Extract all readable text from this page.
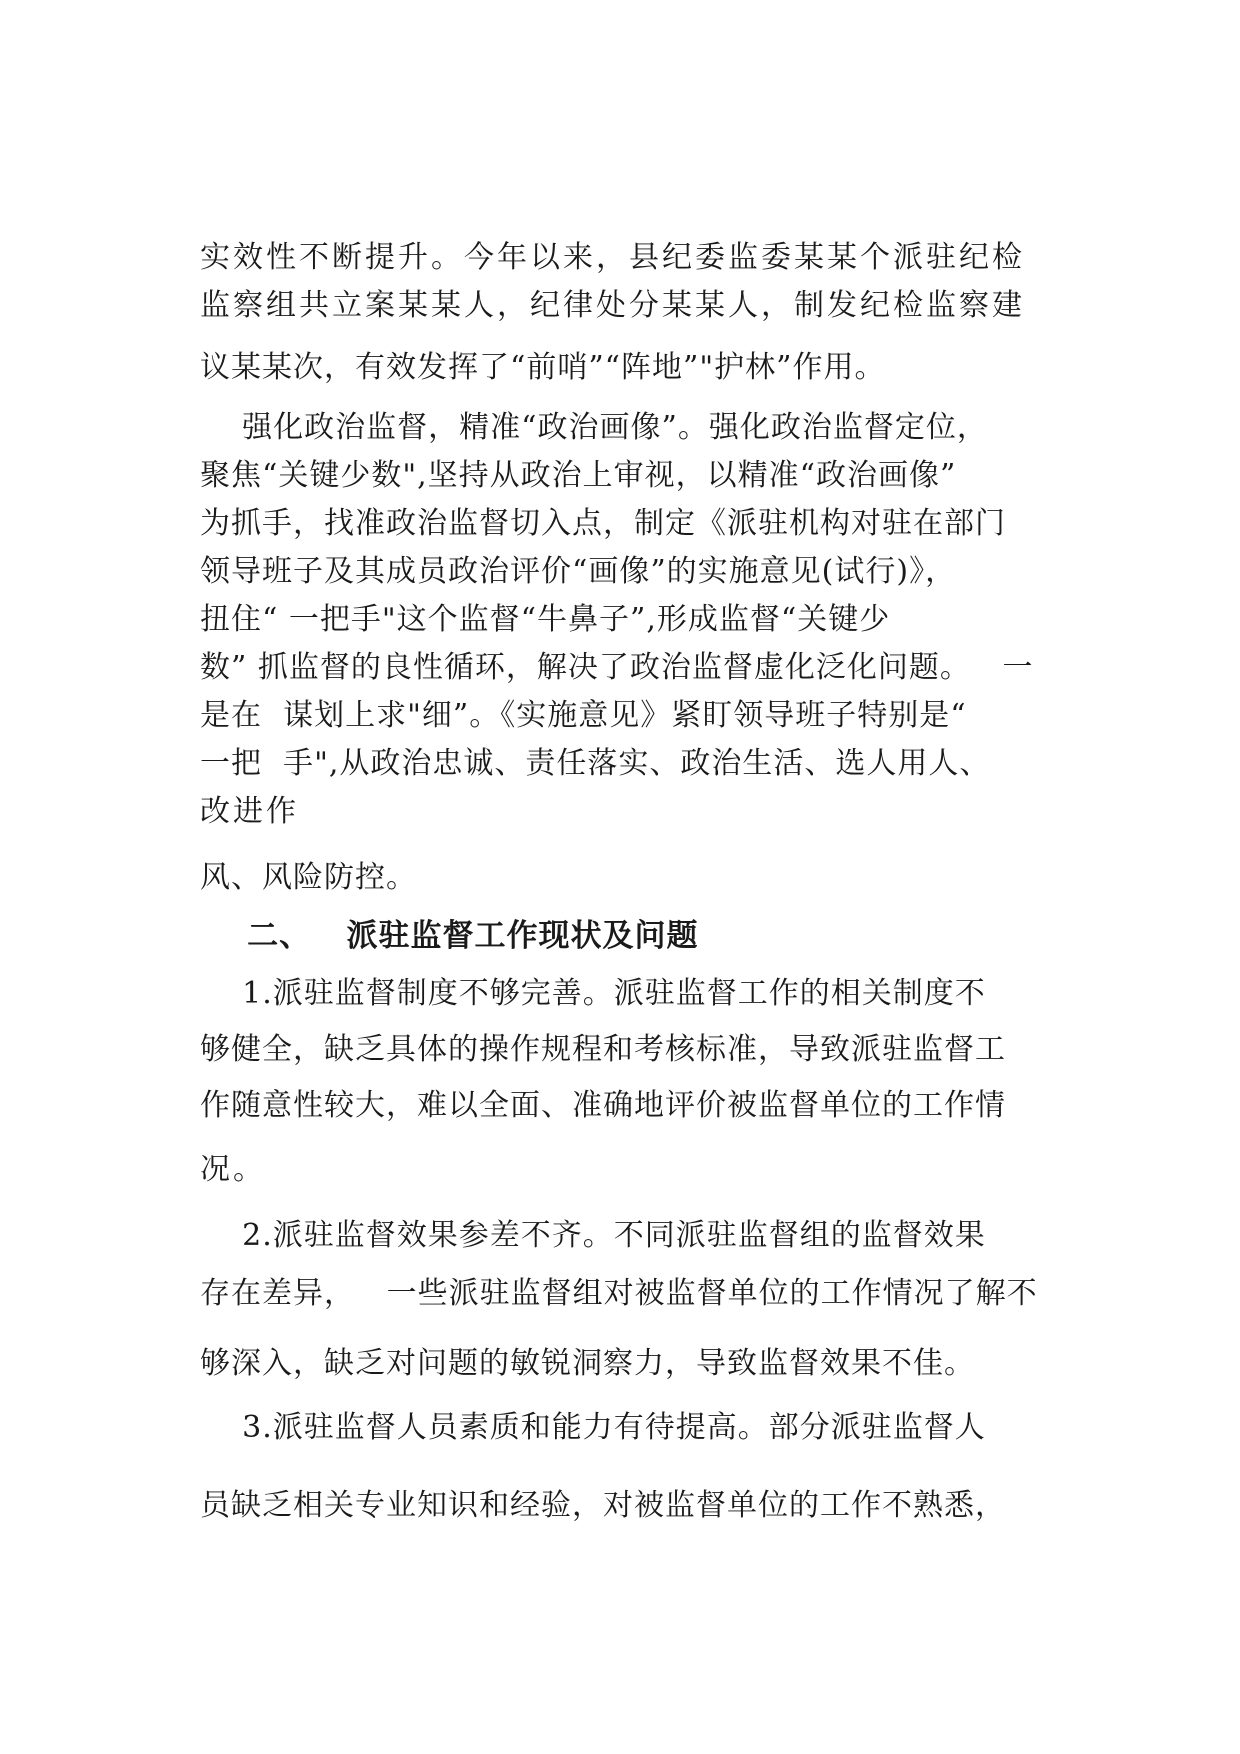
实效性不断提升。今年以来，县纪委监委某某个派驻纪检
监察组共立案某某人，纪律处分某某人，制发纪检监察建
议某某次，有效发挥了“前哨”“阵地”"护林”作用。
强化政治监督，精准“政治画像”。强化政治监督定位，
聚焦“关键少数",坚持从政治上审视，以精准“政治画像”
为抓手，找准政治监督切入点，制定《派驻机构对驻在部门
领导班子及其成员政治评价“画像”的实施意见(试行)》，
扭住“ 一把手"这个监督“牛鼻子”,形成监督“关键少
数” 抓监督的良性循环，解决了政治监督虚化泛化问题。   一
是在  谋划上求"细”。《实施意见》紧盯领导班子特别是“
一把  手",从政治忠诚、责任落实、政治生活、选人用人、
改进作
风、风险防控。
二、   派驻监督工作现状及问题
1.派驻监督制度不够完善。派驻监督工作的相关制度不
够健全，缺乏具体的操作规程和考核标准，导致派驻监督工
作随意性较大，难以全面、准确地评价被监督单位的工作情
况。
2.派驻监督效果参差不齐。不同派驻监督组的监督效果
存在差异，   一些派驻监督组对被监督单位的工作情况了解不
够深入，缺乏对问题的敏锐洞察力，导致监督效果不佳。
3.派驻监督人员素质和能力有待提高。部分派驻监督人
员缺乏相关专业知识和经验，对被监督单位的工作不熟悉，
